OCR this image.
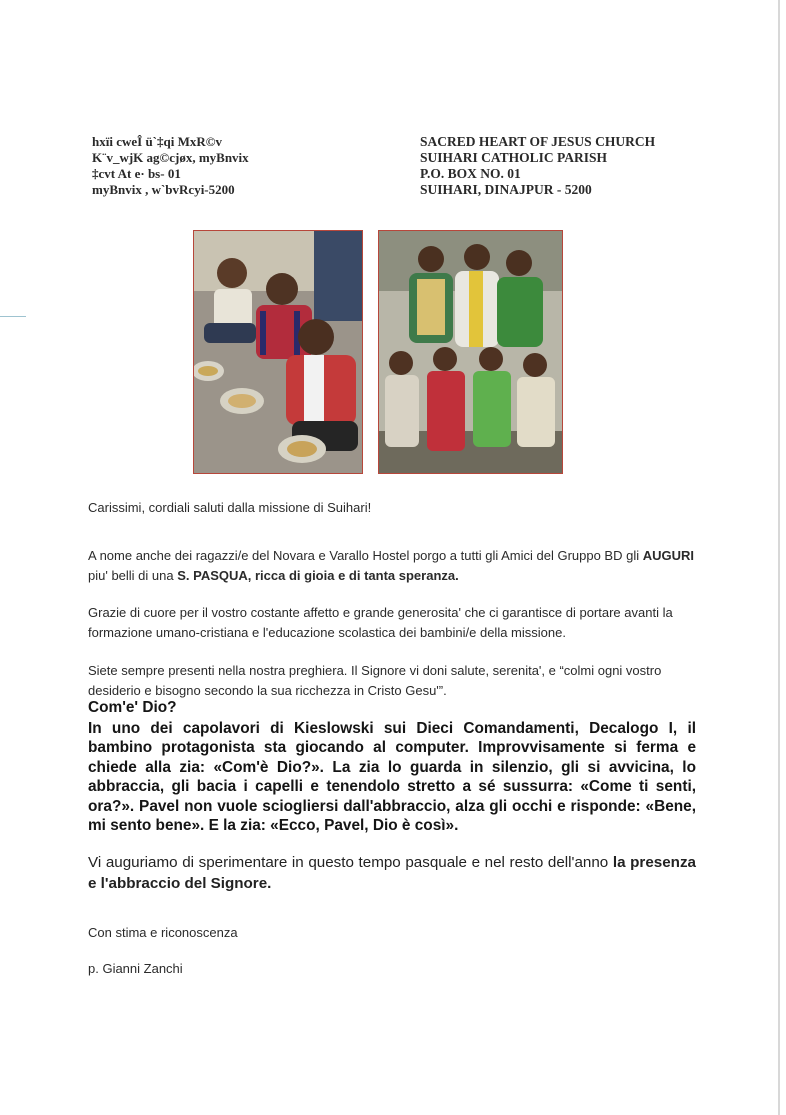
hxïi cweÎ ü`‡qi MxR©v
K¨v_wjK ag©cjøx, myBnvix
‡cvt At e· bs- 01
myBnvix , w`bvRcyi-5200
SACRED HEART OF JESUS CHURCH
SUIHARI CATHOLIC PARISH
P.O. BOX NO. 01
SUIHARI, DINAJPUR - 5200
Carissimi, cordiali saluti dalla missione di Suihari!

A nome anche dei ragazzi/e del Novara e Varallo Hostel porgo a tutti gli Amici del Gruppo BD gli AUGURI piu' belli di una S. PASQUA, ricca di gioia e di tanta speranza.

Grazie di cuore per il vostro costante affetto e grande generosita' che ci garantisce di portare avanti la formazione umano-cristiana e l'educazione scolastica dei bambini/e della missione.

Siete sempre presenti nella nostra preghiera. Il Signore vi doni salute, serenita', e “colmi ogni vostro desiderio e bisogno secondo la sua ricchezza in Cristo Gesu'”.

Com'e' Dio?

In uno dei capolavori di Kieslowski sui Dieci Comandamenti, Decalogo I, il bambino protagonista sta giocando al computer. Improvvisamente si ferma e chiede alla zia: «Com'è Dio?». La zia lo guarda in silenzio, gli si avvicina, lo abbraccia, gli bacia i capelli e tenendolo stretto a sé sussurra: «Come ti senti, ora?». Pavel non vuole sciogliersi dall'abbraccio, alza gli occhi e risponde: «Bene, mi sento bene». E la zia: «Ecco, Pavel, Dio è così».

Vi auguriamo di sperimentare in questo tempo pasquale e nel resto dell'anno la presenza e l'abbraccio del Signore.

Con stima e riconoscenza
p. Gianni Zanchi
